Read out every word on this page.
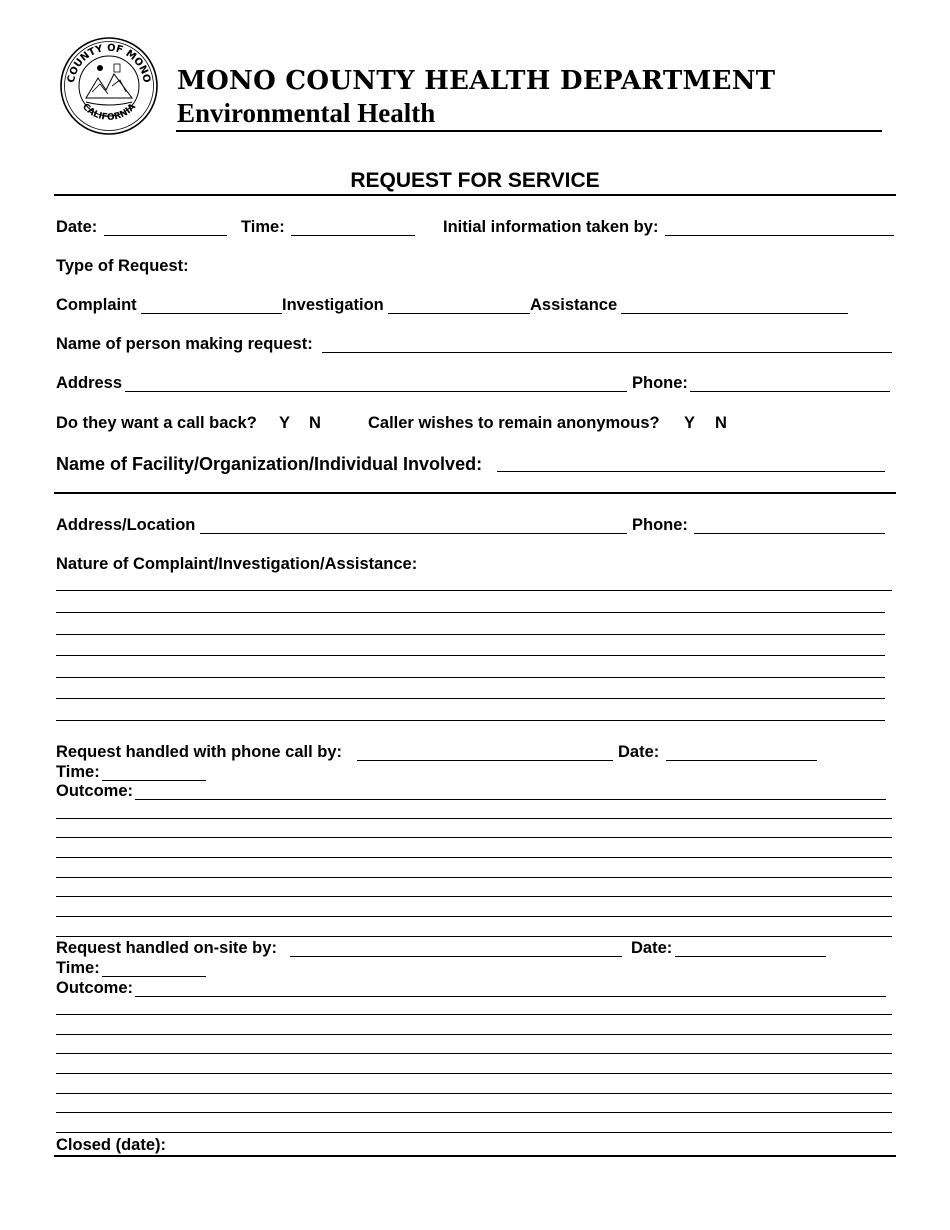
COUNTY OF MONO
CALIFORNIA
MONO COUNTY HEALTH DEPARTMENT
Environmental Health
REQUEST FOR SERVICE
Date:	Time:	Initial information taken by:
Type of Request:
Complaint	Investigation	Assistance
Name of person making request:
Address	Phone:
Do they want a call back? Y N	Caller wishes to remain anonymous? Y N
Name of Facility/Organization/Individual Involved:
Address/Location	Phone:
Nature of Complaint/Investigation/Assistance:
Request handled with phone call by:	Date:
Time:
Outcome:
Request handled on-site by:	Date:
Time:
Outcome:
Closed (date):
